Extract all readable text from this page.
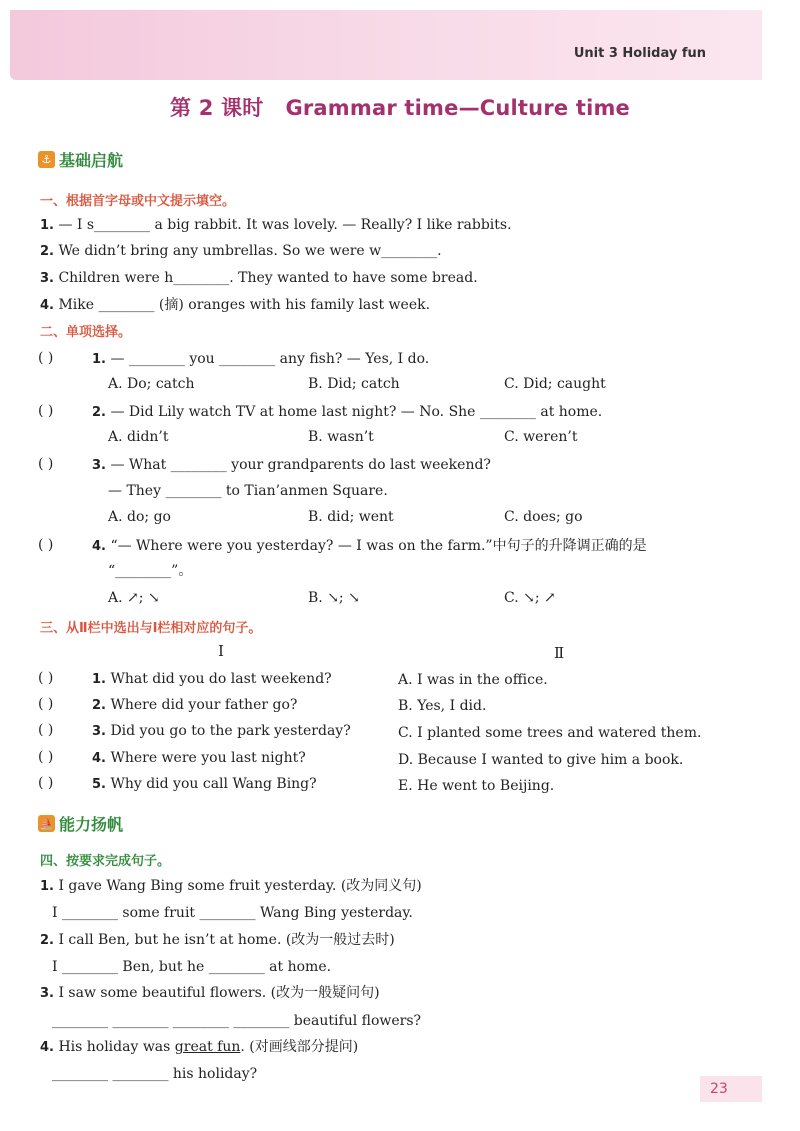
Unit 3 Holiday fun
第 2 课时 Grammar time—Culture time
⚓ 基础启航
一、根据首字母或中文提示填空。
1. — I s________ a big rabbit. It was lovely. — Really? I like rabbits.
2. We didn’t bring any umbrellas. So we were w________.
3. Children were h________. They wanted to have some bread.
4. Mike ________ (摘) oranges with his family last week.
二、单项选择。
( )	1. — ________ you ________ any fish? — Yes, I do.
A. Do; catch	B. Did; catch	C. Did; caught
( )	2. — Did Lily watch TV at home last night? — No. She ________ at home.
A. didn’t	B. wasn’t	C. weren’t
( )	3. — What ________ your grandparents do last weekend?
— They ________ to Tian’anmen Square.
A. do; go	B. did; went	C. does; go
( )	4. “— Where were you yesterday? — I was on the farm.”中句子的升降调正确的是
“________”。
A. ↗; ↘	B. ↘; ↘	C. ↘; ↗
三、从Ⅱ栏中选出与Ⅰ栏相对应的句子。
Ⅰ	Ⅱ
( )	1. What did you do last weekend?	A. I was in the office.
( )	2. Where did your father go?	B. Yes, I did.
( )	3. Did you go to the park yesterday?	C. I planted some trees and watered them.
( )	4. Where were you last night?	D. Because I wanted to give him a book.
( )	5. Why did you call Wang Bing?	E. He went to Beijing.
⛵ 能力扬帆
四、按要求完成句子。
1. I gave Wang Bing some fruit yesterday. (改为同义句)
I ________ some fruit ________ Wang Bing yesterday.
2. I call Ben, but he isn’t at home. (改为一般过去时)
I ________ Ben, but he ________ at home.
3. I saw some beautiful flowers. (改为一般疑问句)
________ ________ ________ ________ beautiful flowers?
4. His holiday was great fun. (对画线部分提问)
________ ________ his holiday?
23
